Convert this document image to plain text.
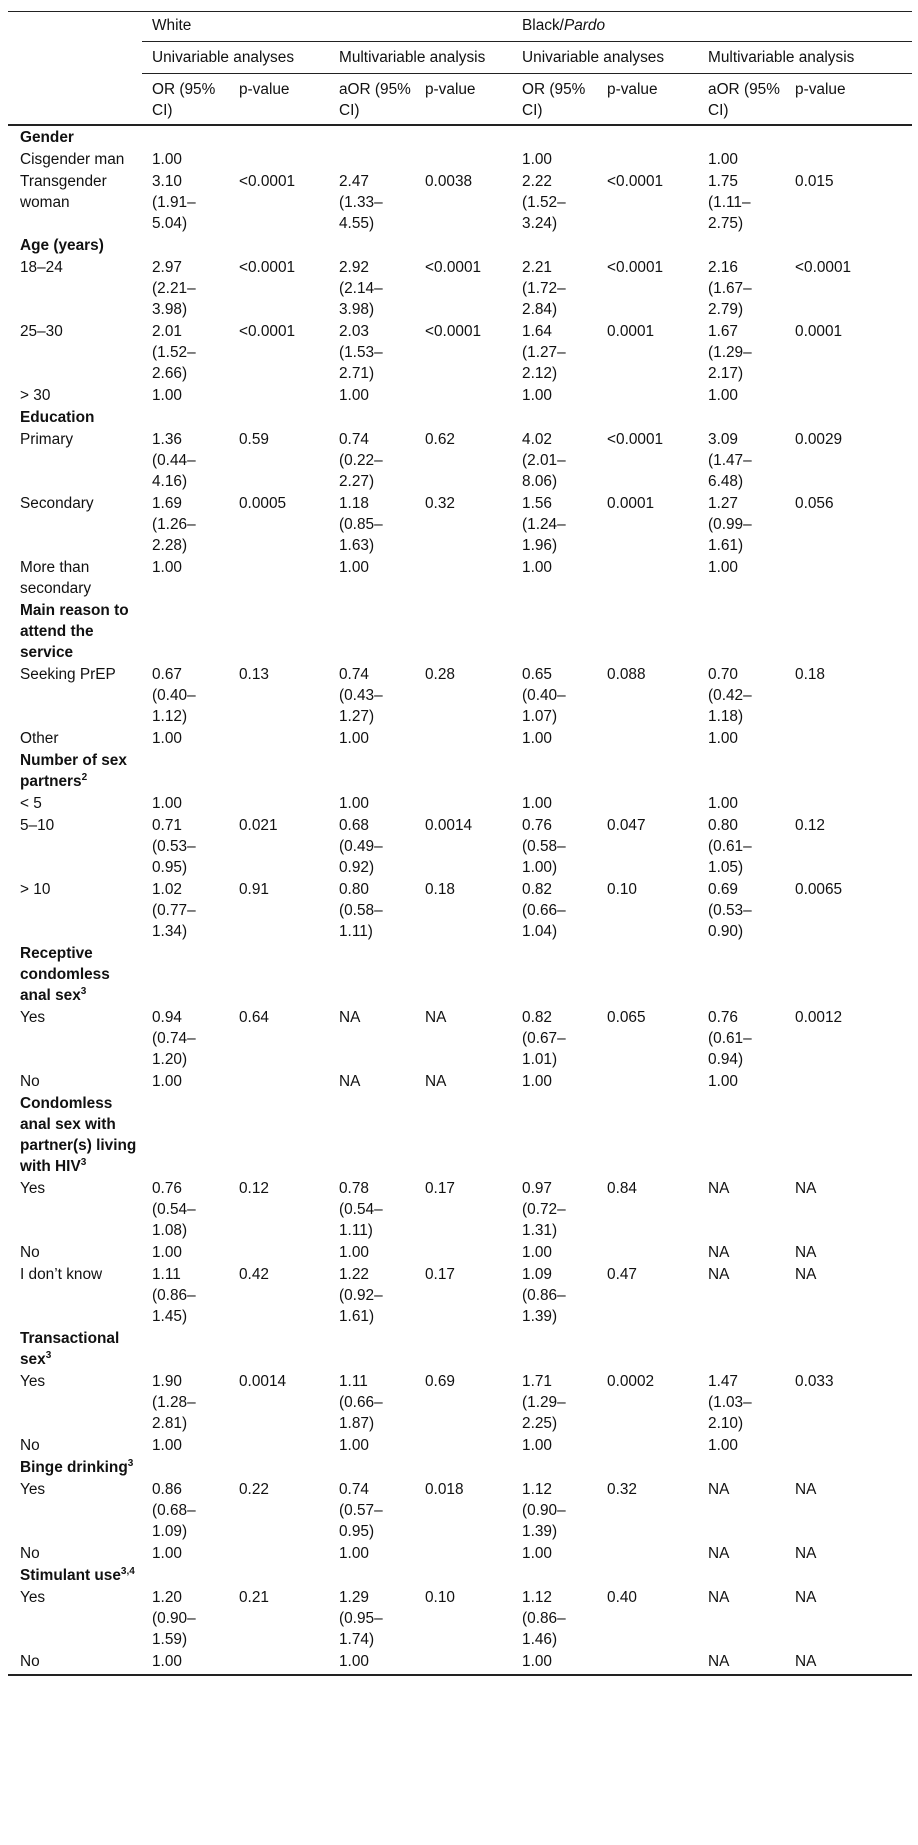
	White				Black/Pardo			
	Univariable analyses		Multivariable analysis		Univariable analyses		Multivariable analysis	
	OR (95% CI)	p-value	aOR (95% CI)	p-value	OR (95% CI)	p-value	aOR (95% CI)	p-value
Gender								
Cisgender man	1.00				1.00		1.00	
Transgender woman	3.10 (1.91–5.04)	<0.0001	2.47 (1.33–4.55)	0.0038	2.22 (1.52–3.24)	<0.0001	1.75 (1.11–2.75)	0.015
Age (years)								
18–24	2.97 (2.21–3.98)	<0.0001	2.92 (2.14–3.98)	<0.0001	2.21 (1.72–2.84)	<0.0001	2.16 (1.67–2.79)	<0.0001
25–30	2.01 (1.52–2.66)	<0.0001	2.03 (1.53–2.71)	<0.0001	1.64 (1.27–2.12)	0.0001	1.67 (1.29–2.17)	0.0001
> 30	1.00		1.00		1.00		1.00	
Education								
Primary	1.36 (0.44–4.16)	0.59	0.74 (0.22–2.27)	0.62	4.02 (2.01–8.06)	<0.0001	3.09 (1.47–6.48)	0.0029
Secondary	1.69 (1.26–2.28)	0.0005	1.18 (0.85–1.63)	0.32	1.56 (1.24–1.96)	0.0001	1.27 (0.99–1.61)	0.056
More than secondary	1.00		1.00		1.00		1.00	
Main reason to attend the service								
Seeking PrEP	0.67 (0.40–1.12)	0.13	0.74 (0.43–1.27)	0.28	0.65 (0.40–1.07)	0.088	0.70 (0.42–1.18)	0.18
Other	1.00		1.00		1.00		1.00	
Number of sex partners$^2$								
< 5	1.00		1.00		1.00		1.00	
5–10	0.71 (0.53–0.95)	0.021	0.68 (0.49–0.92)	0.0014	0.76 (0.58–1.00)	0.047	0.80 (0.61–1.05)	0.12
> 10	1.02 (0.77–1.34)	0.91	0.80 (0.58–1.11)	0.18	0.82 (0.66–1.04)	0.10	0.69 (0.53–0.90)	0.0065
Receptive condomless anal sex$^3$								
Yes	0.94 (0.74–1.20)	0.64	NA	NA	0.82 (0.67–1.01)	0.065	0.76 (0.61–0.94)	0.0012
No	1.00		NA	NA	1.00		1.00	
Condomless anal sex with partner(s) living with HIV$^3$								
Yes	0.76 (0.54–1.08)	0.12	0.78 (0.54–1.11)	0.17	0.97 (0.72–1.31)	0.84	NA	NA
No	1.00		1.00		1.00		NA	NA
I don’t know	1.11 (0.86–1.45)	0.42	1.22 (0.92–1.61)	0.17	1.09 (0.86–1.39)	0.47	NA	NA
Transactional sex$^3$								
Yes	1.90 (1.28–2.81)	0.0014	1.11 (0.66–1.87)	0.69	1.71 (1.29–2.25)	0.0002	1.47 (1.03–2.10)	0.033
No	1.00		1.00		1.00		1.00	
Binge drinking$^3$								
Yes	0.86 (0.68–1.09)	0.22	0.74 (0.57–0.95)	0.018	1.12 (0.90–1.39)	0.32	NA	NA
No	1.00		1.00		1.00		NA	NA
Stimulant use$^{3,4}$								
Yes	1.20 (0.90–1.59)	0.21	1.29 (0.95–1.74)	0.10	1.12 (0.86–1.46)	0.40	NA	NA
No	1.00		1.00		1.00		NA	NA
